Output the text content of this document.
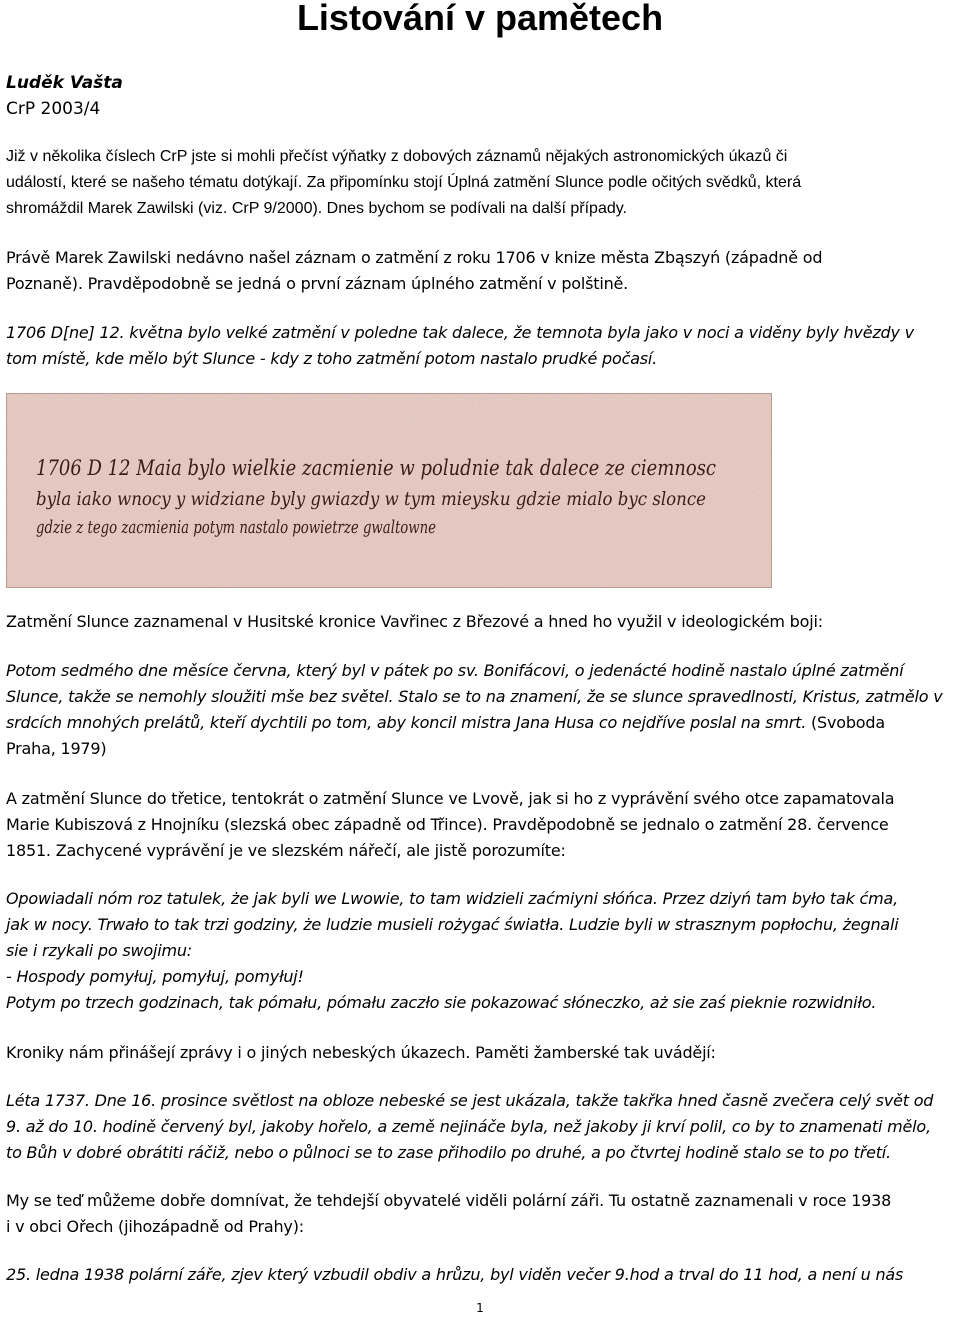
Listování v pamětech
Luděk Vašta
CrP 2003/4

Již v několika číslech CrP jste si mohli přečíst výňatky z dobových záznamů nějakých astronomických úkazů či
událostí, které se našeho tématu dotýkají. Za připomínku stojí Úplná zatmění Slunce podle očitých svědků, která
shromáždil Marek Zawilski (viz. CrP 9/2000). Dnes bychom se podívali na další případy.

Právě Marek Zawilski nedávno našel záznam o zatmění z roku 1706 v knize města Zbąszyń (západně od
Poznaně). Pravděpodobně se jedná o první záznam úplného zatmění v polštině.

1706 D[ne] 12. května bylo velké zatmění v poledne tak dalece, že temnota byla jako v noci a viděny byly hvězdy v
tom místě, kde mělo být Slunce - kdy z toho zatmění potom nastalo prudké počasí.

1706 D 12 Maia bylo wielkie zacmienie w poludnie tak dalece ze ciemnosc
byla iako wnocy y widziane byly gwiazdy w tym mieysku gdzie mialo byc slonce
gdzie z tego zacmienia potym nastalo powietrze gwaltowne

Zatmění Slunce zaznamenal v Husitské kronice Vavřinec z Březové a hned ho využil v ideologickém boji:

Potom sedmého dne měsíce června, který byl v pátek po sv. Bonifácovi, o jedenácté hodině nastalo úplné zatmění
Slunce, takže se nemohly sloužiti mše bez světel. Stalo se to na znamení, že se slunce spravedlnosti, Kristus, zatmělo v
srdcích mnohých prelátů, kteří dychtili po tom, aby koncil mistra Jana Husa co nejdříve poslal na smrt. (Svoboda
Praha, 1979)

A zatmění Slunce do třetice, tentokrát o zatmění Slunce ve Lvově, jak si ho z vyprávění svého otce zapamatovala
Marie Kubiszová z Hnojníku (slezská obec západně od Třince). Pravděpodobně se jednalo o zatmění 28. července
1851. Zachycené vyprávění je ve slezském nářečí, ale jistě porozumíte:

Opowiadali nóm roz tatulek, że jak byli we Lwowie, to tam widzieli zaćmiyni słóńca. Przez dziyń tam było tak ćma,
jak w nocy. Trwało to tak trzi godziny, że ludzie musieli rożygać światła. Ludzie byli w strasznym popłochu, żegnali
sie i rzykali po swojimu:
- Hospody pomyłuj, pomyłuj, pomyłuj!
Potym po trzech godzinach, tak pómału, pómału zaczło sie pokazować słóneczko, aż sie zaś pieknie rozwidniło.

Kroniky nám přinášejí zprávy i o jiných nebeských úkazech. Paměti žamberské tak uvádějí:

Léta 1737. Dne 16. prosince světlost na obloze nebeské se jest ukázala, takže takřka hned časně zvečera celý svět od
9. až do 10. hodině červený byl, jakoby hořelo, a země nejináče byla, než jakoby ji krví polil, co by to znamenati mělo,
to Bůh v dobré obrátiti ráčiž, nebo o půlnoci se to zase přihodilo po druhé, a po čtvrtej hodině stalo se to po třetí.

My se teď můžeme dobře domnívat, že tehdejší obyvatelé viděli polární záři. Tu ostatně zaznamenali v roce 1938
i v obci Ořech (jihozápadně od Prahy):

25. ledna 1938 polární záře, zjev který vzbudil obdiv a hrůzu, byl viděn večer 9.hod a trval do 11 hod, a není u nás

1
